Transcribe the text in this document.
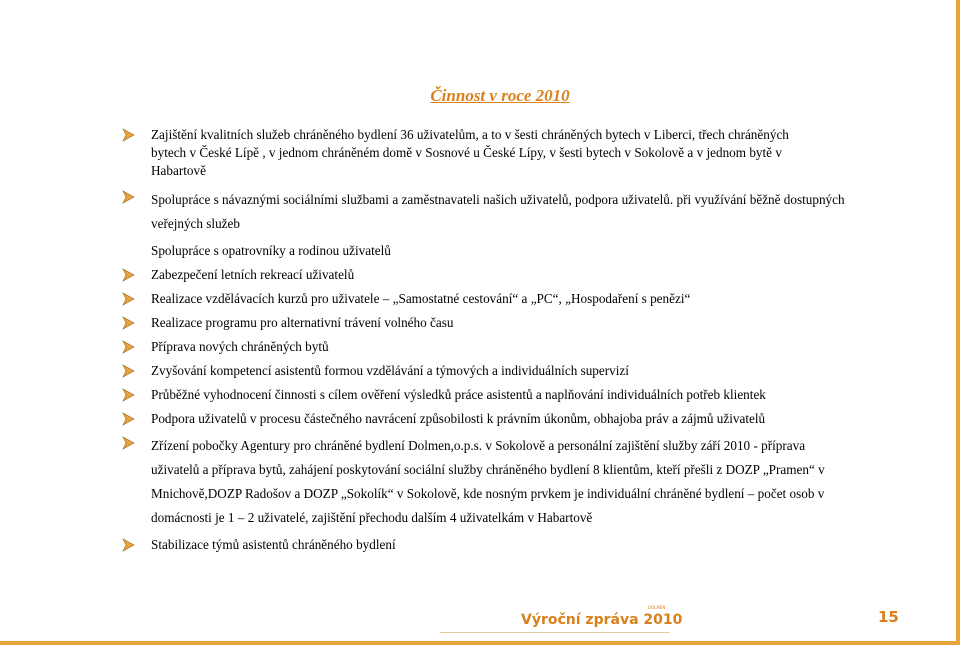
Činnost v roce 2010
Zajištění kvalitních služeb chráněného bydlení 36 uživatelům, a to v šesti chráněných bytech v Liberci, třech chráněných
bytech v České Lípě , v jednom chráněném domě v Sosnové u České Lípy, v šesti bytech v Sokolově a v jednom bytě v
Habartově
Spolupráce s návaznými sociálními službami a zaměstnavateli našich uživatelů, podpora uživatelů. při využívání běžně dostupných
veřejných služeb
Spolupráce s opatrovníky a rodinou uživatelů
Zabezpečení letních rekreací uživatelů
Realizace vzdělávacích kurzů pro uživatele – „Samostatné cestování“ a „PC“, „Hospodaření s penězi“
Realizace programu pro alternativní trávení volného času
Příprava nových chráněných bytů
Zvyšování kompetencí asistentů formou vzdělávání a týmových a individuálních supervizí
Průběžné vyhodnocení činnosti s cílem ověření výsledků práce asistentů a naplňování individuálních potřeb klientek
Podpora uživatelů v procesu částečného navrácení způsobilosti k právním úkonům, obhajoba práv a zájmů uživatelů
Zřízení pobočky Agentury pro chráněné bydlení Dolmen,o.p.s. v Sokolově a personální zajištění služby září 2010 - příprava
uživatelů a příprava bytů, zahájení poskytování sociální služby chráněného bydlení 8 klientům, kteří přešli z DOZP „Pramen“ v
Mnichově,DOZP Radošov a DOZP „Sokolík“ v Sokolově, kde nosným prvkem je individuální chráněné bydlení – počet osob v
domácnosti je 1 – 2 uživatelé, zajištění přechodu dalším 4 uživatelkám v Habartově
Stabilizace týmů asistentů chráněného bydlení
Výroční zpráva 2010
DOLMEN
15
